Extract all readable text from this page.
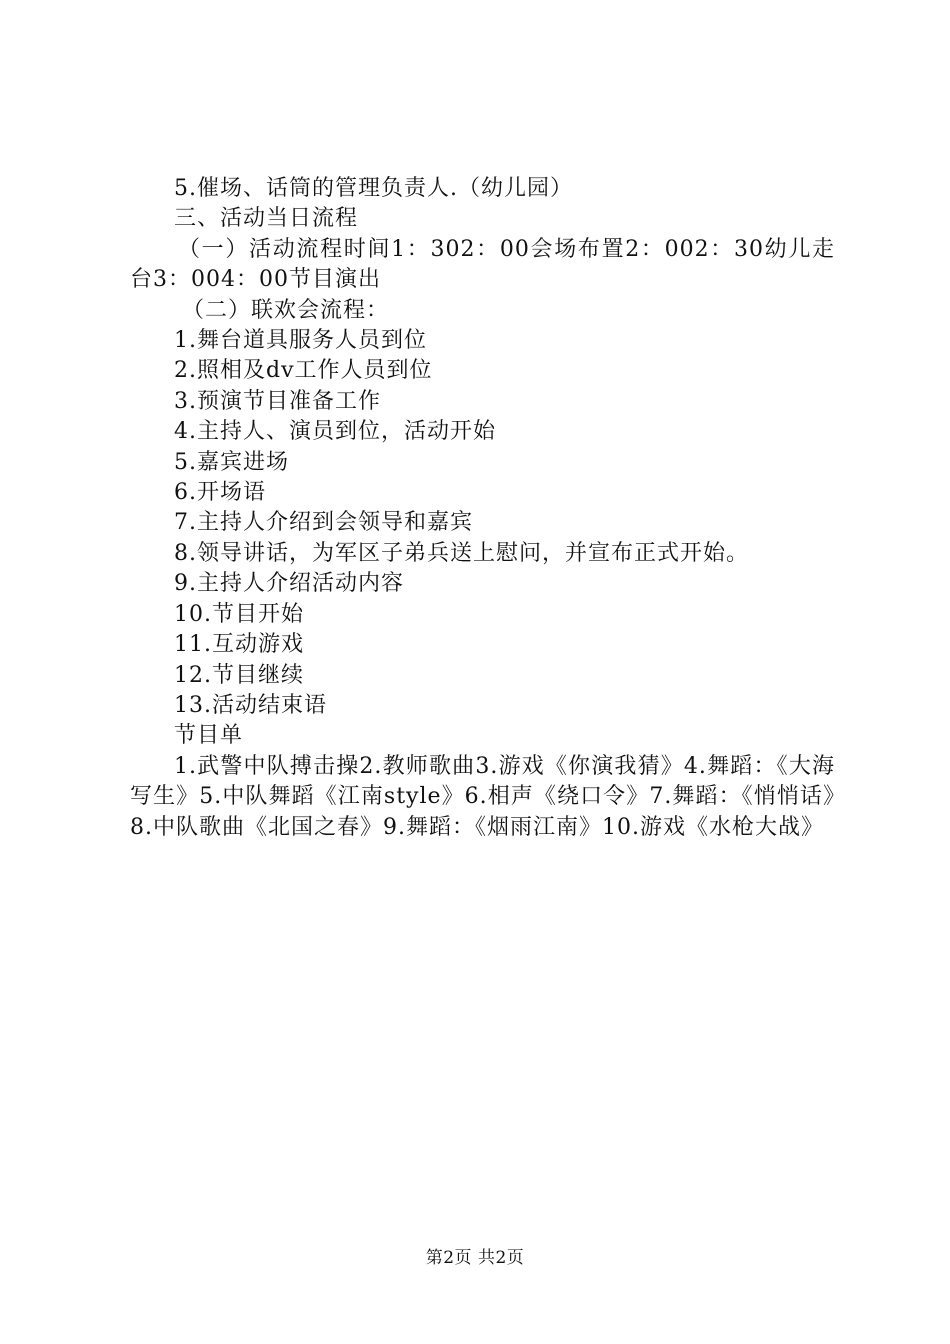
5.催场、话筒的管理负责人.（幼儿园）

三、活动当日流程

（一）活动流程时间1：302：00会场布置2：002：30幼儿走台3：004：00节目演出

（二）联欢会流程：

1.舞台道具服务人员到位

2.照相及dv工作人员到位

3.预演节目准备工作

4.主持人、演员到位，活动开始

5.嘉宾进场

6.开场语

7.主持人介绍到会领导和嘉宾

8.领导讲话，为军区子弟兵送上慰问，并宣布正式开始。

9.主持人介绍活动内容

10.节目开始

11.互动游戏

12.节目继续

13.活动结束语

节目单

1.武警中队搏击操2.教师歌曲3.游戏《你演我猜》4.舞蹈：《大海写生》5.中队舞蹈《江南style》6.相声《绕口令》7.舞蹈：《悄悄话》8.中队歌曲《北国之春》9.舞蹈：《烟雨江南》10.游戏《水枪大战》

第2页 共2页
